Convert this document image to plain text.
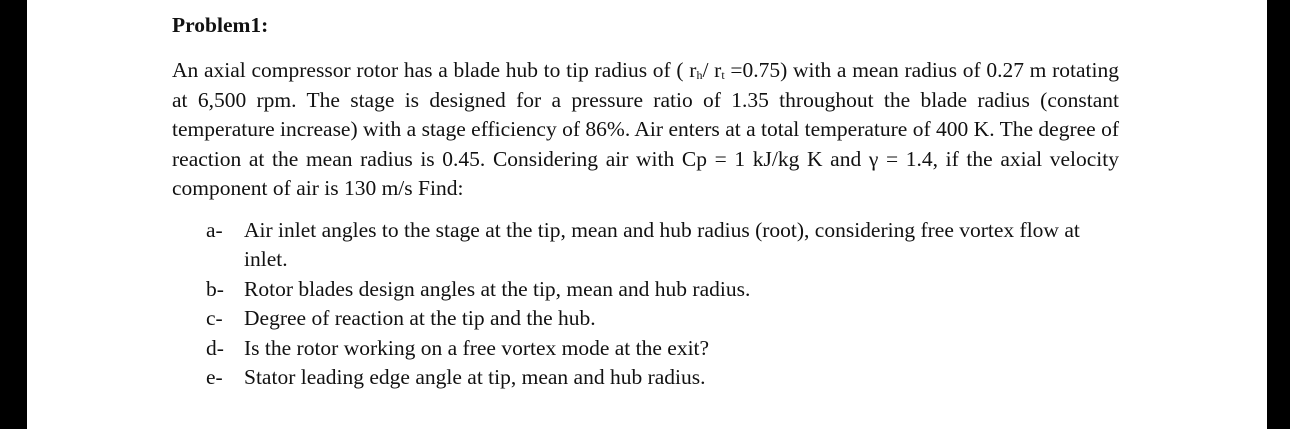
Problem1:

An axial compressor rotor has a blade hub to tip radius of ( $r_h/$ $r_t =0.75$) with a mean radius of 0.27 m rotating at 6,500 rpm. The stage is designed for a pressure ratio of 1.35 throughout the blade radius (constant temperature increase) with a stage efficiency of 86%. Air enters at a total temperature of 400 K. The degree of reaction at the mean radius is 0.45. Considering air with Cp = 1 kJ/kg K and γ = 1.4, if the axial velocity component of air is 130 m/s Find:

a- Air inlet angles to the stage at the tip, mean and hub radius (root), considering free vortex flow at inlet.
b- Rotor blades design angles at the tip, mean and hub radius.
c- Degree of reaction at the tip and the hub.
d- Is the rotor working on a free vortex mode at the exit?
e- Stator leading edge angle at tip, mean and hub radius.
